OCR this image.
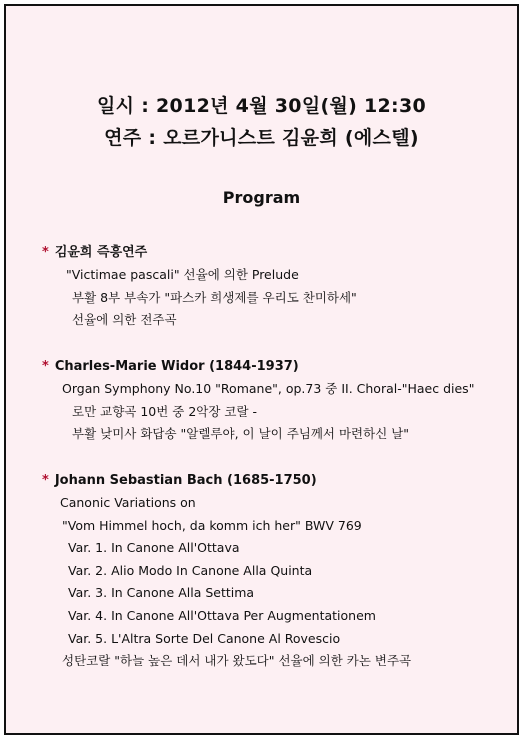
일시 : 2012년 4월 30일(월) 12:30
연주 : 오르가니스트 김윤희 (에스텔)
Program
* 김윤희 즉흥연주
"Victimae pascali" 선율에 의한 Prelude
부활 8부 부속가 "파스카 희생제를 우리도 찬미하세"
선율에 의한 전주곡
* Charles-Marie Widor (1844-1937)
Organ Symphony No.10 "Romane", op.73 중 II. Choral-"Haec dies"
로만 교향곡 10번 중 2악장 코랄 -
부활 낮미사 화답송 "알렐루야, 이 날이 주님께서 마련하신 날"
* Johann Sebastian Bach (1685-1750)
Canonic Variations on
"Vom Himmel hoch, da komm ich her" BWV 769
Var. 1. In Canone All'Ottava
Var. 2. Alio Modo In Canone Alla Quinta
Var. 3. In Canone Alla Settima
Var. 4. In Canone All'Ottava Per Augmentationem
Var. 5. L'Altra Sorte Del Canone Al Rovescio
성탄코랄 "하늘 높은 데서 내가 왔도다" 선율에 의한 카논 변주곡
